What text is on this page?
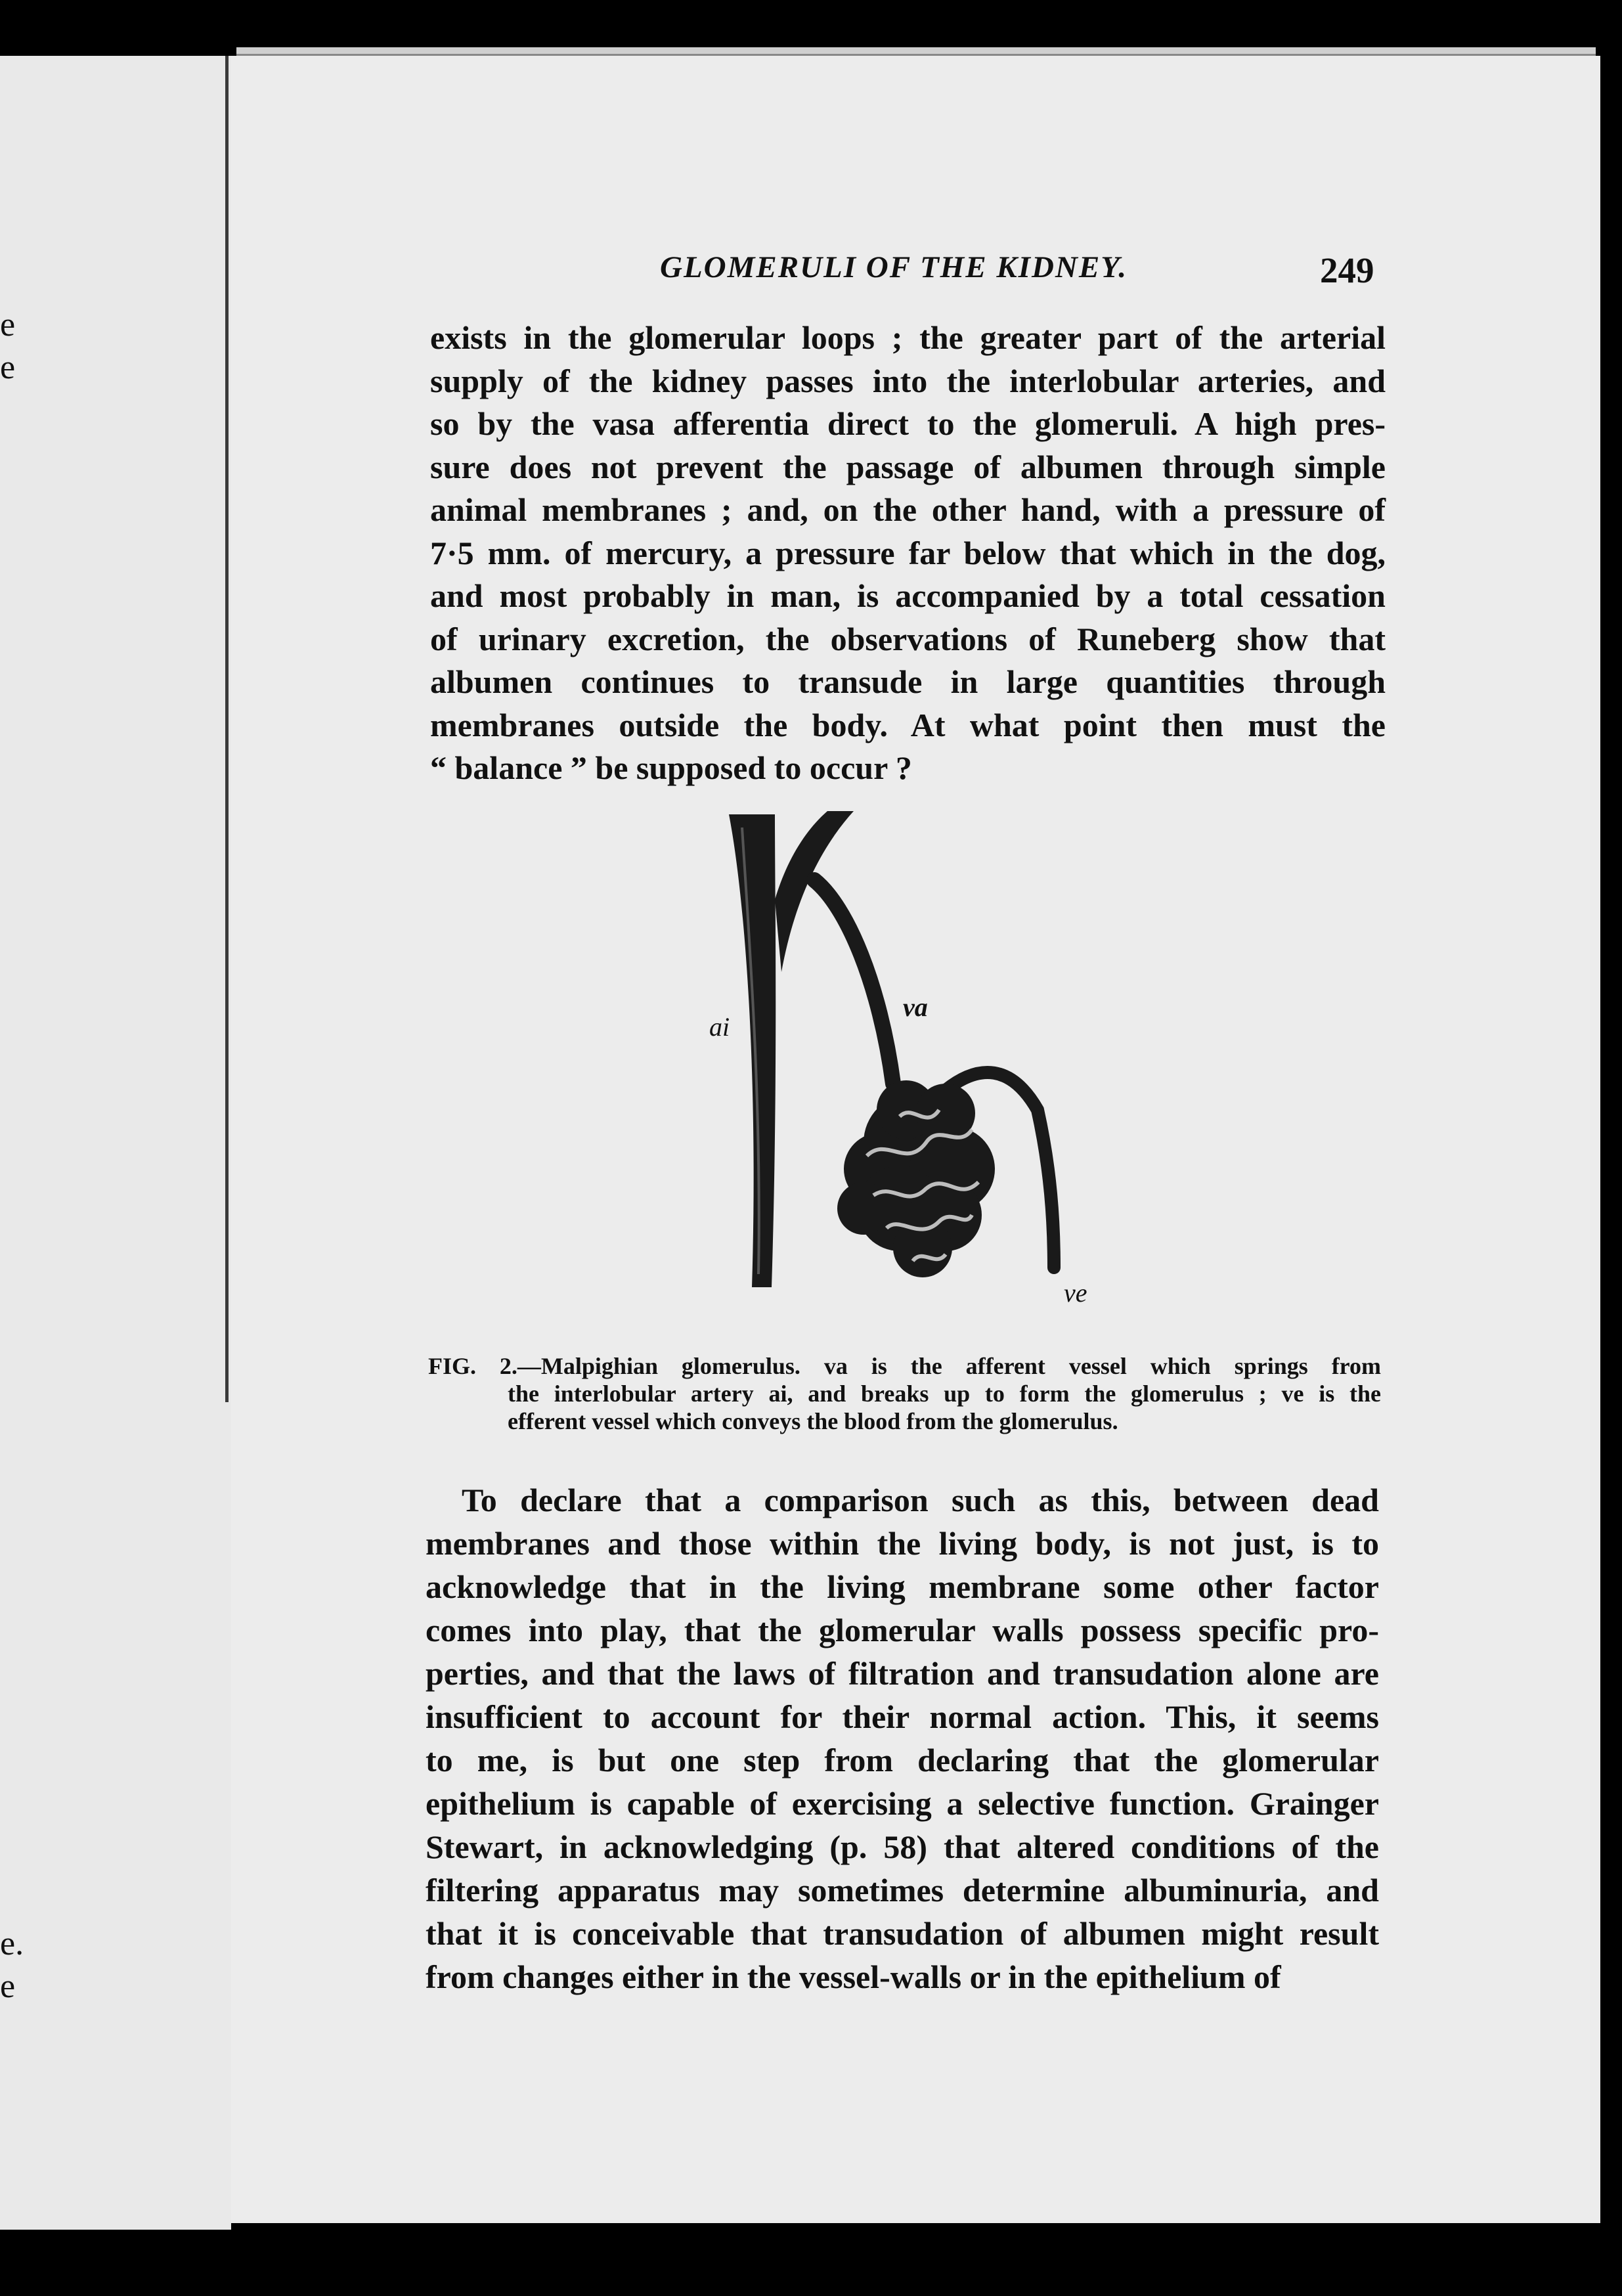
e
e
e.
e
GLOMERULI OF THE KIDNEY.	249
exists in the glomerular loops ; the greater part of the arterial
supply of the kidney passes into the interlobular arteries, and
so by the vasa afferentia direct to the glomeruli. A high pres-
sure does not prevent the passage of albumen through simple
animal membranes ; and, on the other hand, with a pressure of
7·5 mm. of mercury, a pressure far below that which in the dog,
and most probably in man, is accompanied by a total cessation
of urinary excretion, the observations of Runeberg show that
albumen continues to transude in large quantities through
membranes outside the body. At what point then must the
“ balance ” be supposed to occur ?
ai
va
ve
FIG. 2.—Malpighian glomerulus. va is the afferent vessel which springs from
the interlobular artery ai, and breaks up to form the glomerulus ; ve is the
efferent vessel which conveys the blood from the glomerulus.
To declare that a comparison such as this, between dead
membranes and those within the living body, is not just, is to
acknowledge that in the living membrane some other factor
comes into play, that the glomerular walls possess specific pro-
perties, and that the laws of filtration and transudation alone are
insufficient to account for their normal action. This, it seems
to me, is but one step from declaring that the glomerular
epithelium is capable of exercising a selective function. Grainger
Stewart, in acknowledging (p. 58) that altered conditions of the
filtering apparatus may sometimes determine albuminuria, and
that it is conceivable that transudation of albumen might result
from changes either in the vessel-walls or in the epithelium of
